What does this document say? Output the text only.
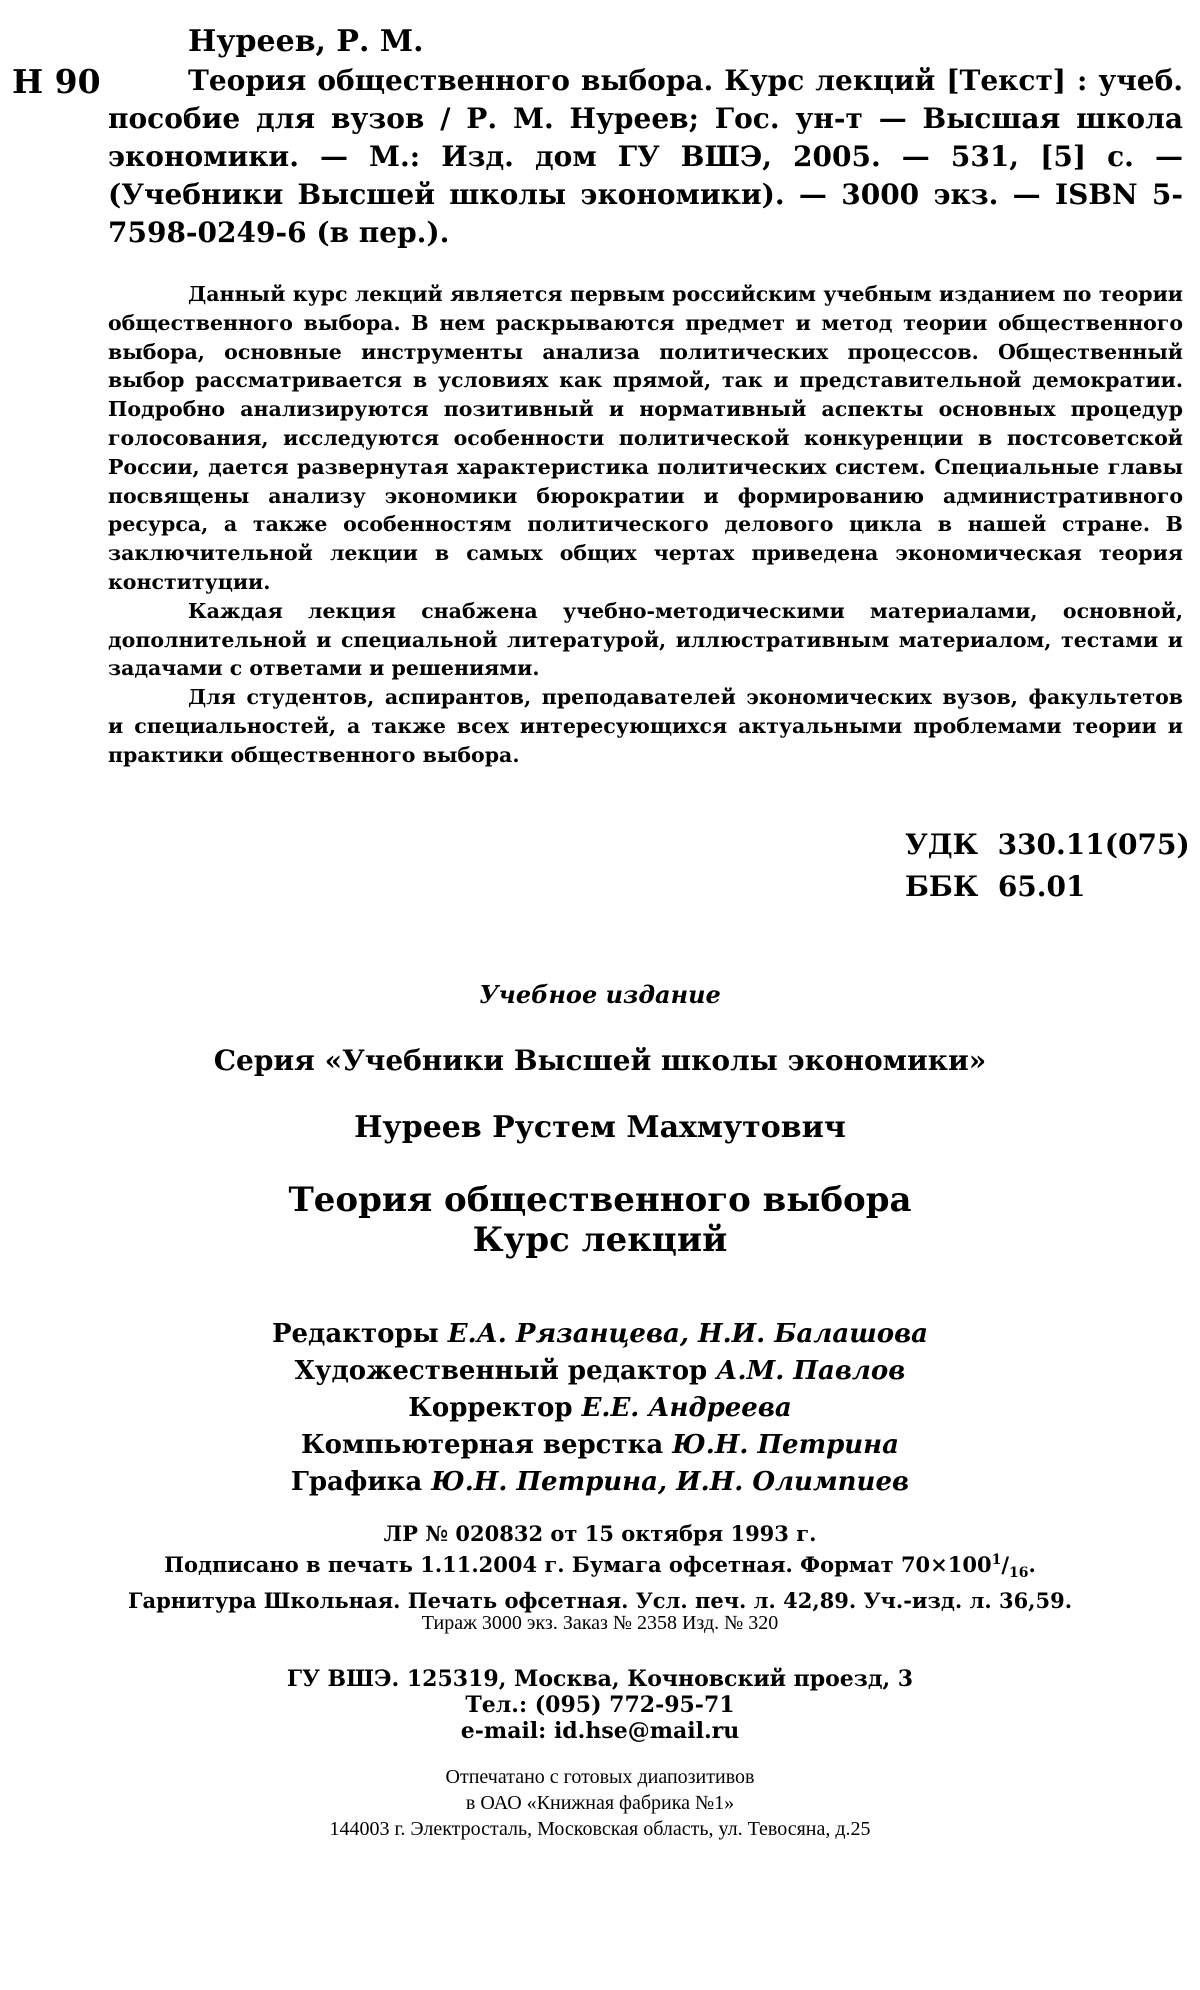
Нуреев, Р. М.
Н 90	Теория общественного выбора. Курс лекций [Текст] : учеб. пособие для вузов / Р. М. Нуреев; Гос. ун-т — Высшая школа экономики. — М.: Изд. дом ГУ ВШЭ, 2005. — 531, [5] с. — (Учебники Высшей школы экономики). — 3000 экз. — ISBN 5-7598-0249-6 (в пер.).

Данный курс лекций является первым российским учебным изданием по теории общественного выбора. В нем раскрываются предмет и метод теории общественного выбора, основные инструменты анализа политических процессов. Общественный выбор рассматривается в условиях как прямой, так и представительной демократии. Подробно анализируются позитивный и нормативный аспекты основных процедур голосования, исследуются особенности политической конкуренции в постсоветской России, дается развернутая характеристика политических систем. Специальные главы посвящены анализу экономики бюрократии и формированию административного ресурса, а также особенностям политического делового цикла в нашей стране. В заключительной лекции в самых общих чертах приведена экономическая теория конституции.

Каждая лекция снабжена учебно-методическими материалами, основной, дополнительной и специальной литературой, иллюстративным материалом, тестами и задачами с ответами и решениями.

Для студентов, аспирантов, преподавателей экономических вузов, факультетов и специальностей, а также всех интересующихся актуальными проблемами теории и практики общественного выбора.

УДК  330.11(075)
ББК  65.01
Учебное издание
Серия «Учебники Высшей школы экономики»
Нуреев Рустем Махмутович
Теория общественного выбора
Курс лекций
Редакторы Е.А. Рязанцева, Н.И. Балашова
Художественный редактор А.М. Павлов
Корректор Е.Е. Андреева
Компьютерная верстка Ю.Н. Петрина
Графика Ю.Н. Петрина, И.Н. Олимпиев
ЛР № 020832 от 15 октября 1993 г.
Подписано в печать 1.11.2004 г. Бумага офсетная. Формат $70\times 100^1/_{16}$.
Гарнитура Школьная. Печать офсетная. Усл. печ. л. 42,89. Уч.-изд. л. 36,59.
Тираж 3000 экз. Заказ № 2358 Изд. № 320
ГУ ВШЭ. 125319, Москва, Кочновский проезд, 3
Тел.: (095) 772-95-71
e-mail: id.hse@mail.ru
Отпечатано с готовых диапозитивов
в ОАО «Книжная фабрика №1»
144003 г. Электросталь, Московская область, ул. Тевосяна, д.25
